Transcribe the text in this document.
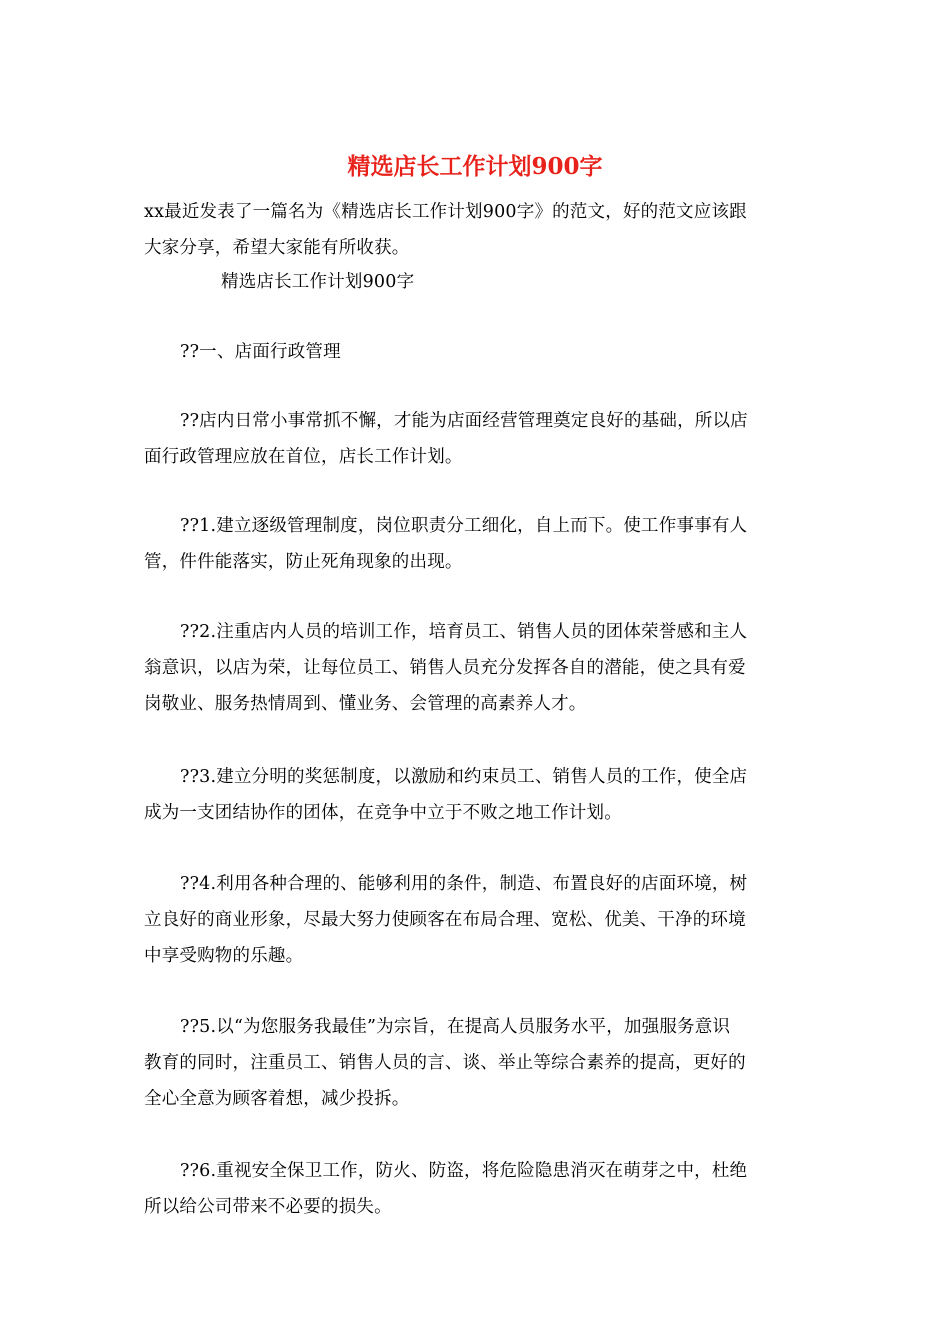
精选店长工作计划900字

xx最近发表了一篇名为《精选店长工作计划900字》的范文，好的范文应该跟
大家分享，希望大家能有所收获。

精选店长工作计划900字

??一、店面行政管理

??店内日常小事常抓不懈，才能为店面经营管理奠定良好的基础，所以店
面行政管理应放在首位，店长工作计划。

??1.建立逐级管理制度，岗位职责分工细化，自上而下。使工作事事有人
管，件件能落实，防止死角现象的出现。

??2.注重店内人员的培训工作，培育员工、销售人员的团体荣誉感和主人
翁意识，以店为荣，让每位员工、销售人员充分发挥各自的潜能，使之具有爱
岗敬业、服务热情周到、懂业务、会管理的高素养人才。

??3.建立分明的奖惩制度，以激励和约束员工、销售人员的工作，使全店
成为一支团结协作的团体，在竞争中立于不败之地工作计划。

??4.利用各种合理的、能够利用的条件，制造、布置良好的店面环境，树
立良好的商业形象，尽最大努力使顾客在布局合理、宽松、优美、干净的环境
中享受购物的乐趣。

??5.以“为您服务我最佳”为宗旨，在提高人员服务水平，加强服务意识
教育的同时，注重员工、销售人员的言、谈、举止等综合素养的提高，更好的
全心全意为顾客着想，减少投拆。

??6.重视安全保卫工作，防火、防盗，将危险隐患消灭在萌芽之中，杜绝
所以给公司带来不必要的损失。
